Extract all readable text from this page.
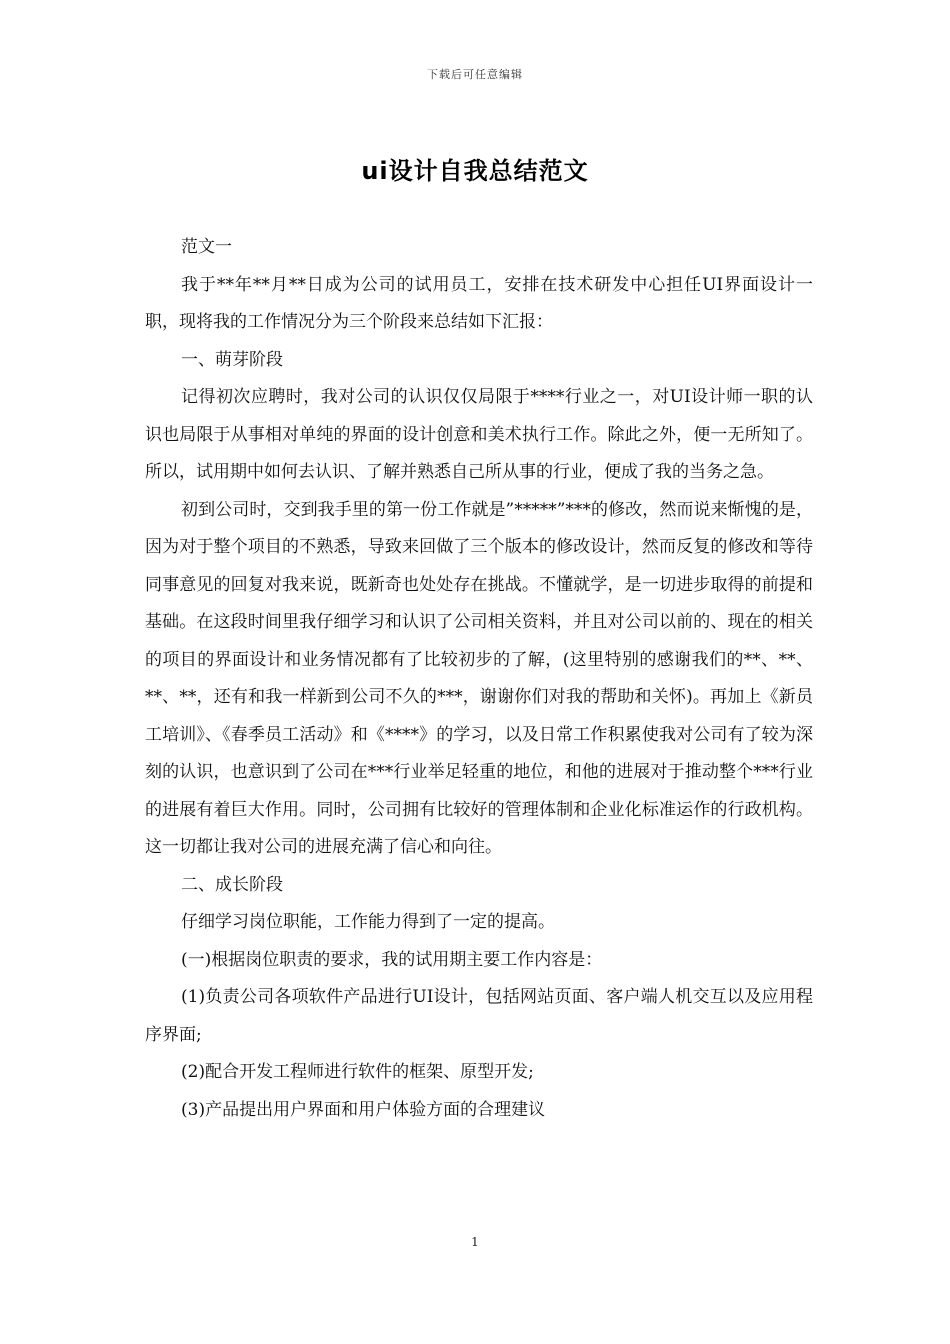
下载后可任意编辑
ui设计自我总结范文

范文一

我于**年**月**日成为公司的试用员工，安排在技术研发中心担任UI界面设计一职，现将我的工作情况分为三个阶段来总结如下汇报：

一、萌芽阶段

记得初次应聘时，我对公司的认识仅仅局限于****行业之一，对UI设计师一职的认识也局限于从事相对单纯的界面的设计创意和美术执行工作。除此之外，便一无所知了。所以，试用期中如何去认识、了解并熟悉自己所从事的行业，便成了我的当务之急。

初到公司时，交到我手里的第一份工作就是”*****”***的修改，然而说来惭愧的是，因为对于整个项目的不熟悉，导致来回做了三个版本的修改设计，然而反复的修改和等待同事意见的回复对我来说，既新奇也处处存在挑战。不懂就学，是一切进步取得的前提和基础。在这段时间里我仔细学习和认识了公司相关资料，并且对公司以前的、现在的相关的项目的界面设计和业务情况都有了比较初步的了解，(这里特别的感谢我们的**、**、**、**，还有和我一样新到公司不久的***，谢谢你们对我的帮助和关怀)。再加上《新员工培训》、《春季员工活动》和《****》的学习，以及日常工作积累使我对公司有了较为深刻的认识，也意识到了公司在***行业举足轻重的地位，和他的进展对于推动整个***行业的进展有着巨大作用。同时，公司拥有比较好的管理体制和企业化标准运作的行政机构。这一切都让我对公司的进展充满了信心和向往。

二、成长阶段

仔细学习岗位职能，工作能力得到了一定的提高。

(一)根据岗位职责的要求，我的试用期主要工作内容是：

(1)负责公司各项软件产品进行UI设计，包括网站页面、客户端人机交互以及应用程序界面;

(2)配合开发工程师进行软件的框架、原型开发;

(3)产品提出用户界面和用户体验方面的合理建议

1
